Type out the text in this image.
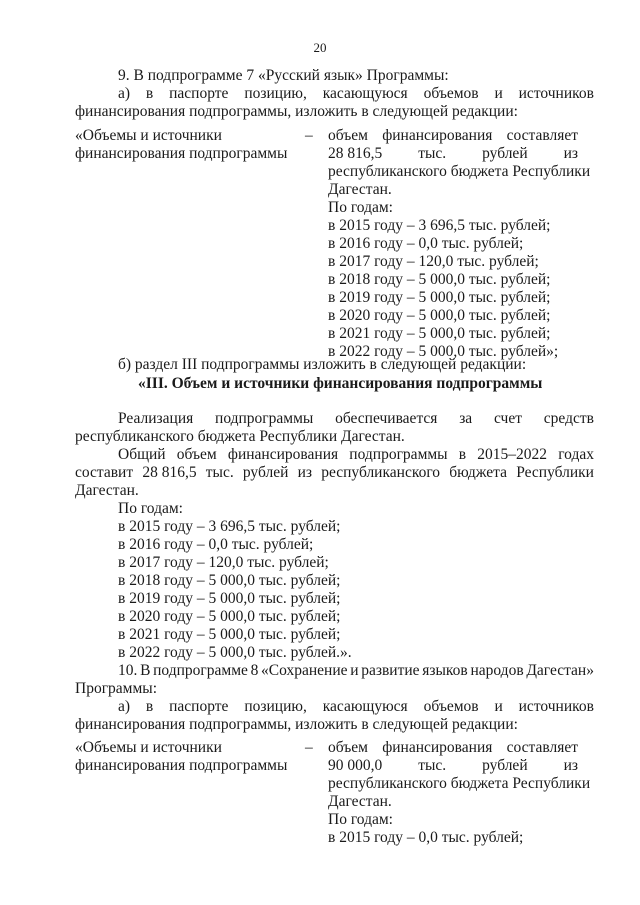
20
9. В подпрограмме 7 «Русский язык» Программы:
а) в паспорте позицию, касающуюся объемов и источников
финансирования подпрограммы, изложить в следующей редакции:
«Объемы и источники
финансирования подпрограммы
– объем финансирования составляет
28 816,5 тыс. рублей из
б) раздел III подпрограммы изложить в следующей редакции:
«III. Объем и источники финансирования подпрограммы
Реализация подпрограммы обеспечивается за счет средств
республиканского бюджета Республики Дагестан.
Общий объем финансирования подпрограммы в 2015–2022 годах
составит 28 816,5 тыс. рублей из республиканского бюджета Республики
Дагестан.
По годам:
10. В подпрограмме 8 «Сохранение и развитие языков народов Дагестан»
Программы:
а) в паспорте позицию, касающуюся объемов и источников
финансирования подпрограммы, изложить в следующей редакции:
«Объемы и источники
финансирования подпрограммы
– объем финансирования составляет
90 000,0 тыс. рублей из
республиканского бюджета Республики
Дагестан.
По годам:
в 2015 году – 3 696,5 тыс. рублей;
в 2016 году – 0,0 тыс. рублей;
в 2017 году – 120,0 тыс. рублей;
в 2018 году – 5 000,0 тыс. рублей;
в 2019 году – 5 000,0 тыс. рублей;
в 2020 году – 5 000,0 тыс. рублей;
в 2021 году – 5 000,0 тыс. рублей;
в 2022 году – 5 000,0 тыс. рублей»;
в 2015 году – 3 696,5 тыс. рублей;
в 2016 году – 0,0 тыс. рублей;
в 2017 году – 120,0 тыс. рублей;
в 2018 году – 5 000,0 тыс. рублей;
в 2019 году – 5 000,0 тыс. рублей;
в 2020 году – 5 000,0 тыс. рублей;
в 2021 году – 5 000,0 тыс. рублей;
в 2022 году – 5 000,0 тыс. рублей.».
республиканского бюджета Республики
Дагестан.
По годам:
в 2015 году – 0,0 тыс. рублей;
